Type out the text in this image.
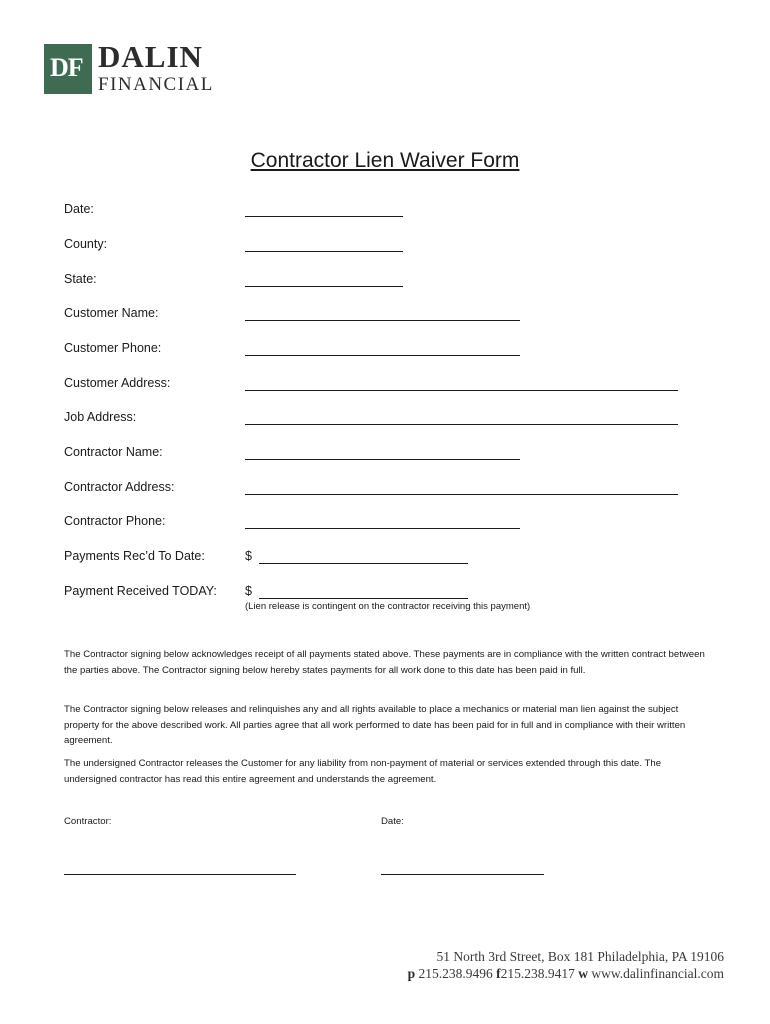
DF DALIN
FINANCIAL
Contractor Lien Waiver Form
Date:
County:
State:
Customer Name:
Customer Phone:
Customer Address:
Job Address:
Contractor Name:
Contractor Address:
Contractor Phone:
Payments Rec’d To Date:	$
Payment Received TODAY: $
(Lien release is contingent on the contractor receiving this payment)

The Contractor signing below acknowledges receipt of all payments stated above. These payments are in compliance with the written contract between the parties above. The Contractor signing below hereby states payments for all work done to this date has been paid in full.

The Contractor signing below releases and relinquishes any and all rights available to place a mechanics or material man lien against the subject property for the above described work. All parties agree that all work performed to date has been paid for in full and in compliance with their written agreement.

The undersigned Contractor releases the Customer for any liability from non-payment of material or services extended through this date. The undersigned contractor has read this entire agreement and understands the agreement.

Contractor:	Date:
51 North 3rd Street, Box 181 Philadelphia, PA 19106
p 215.238.9496 f215.238.9417 w www.dalinfinancial.com
